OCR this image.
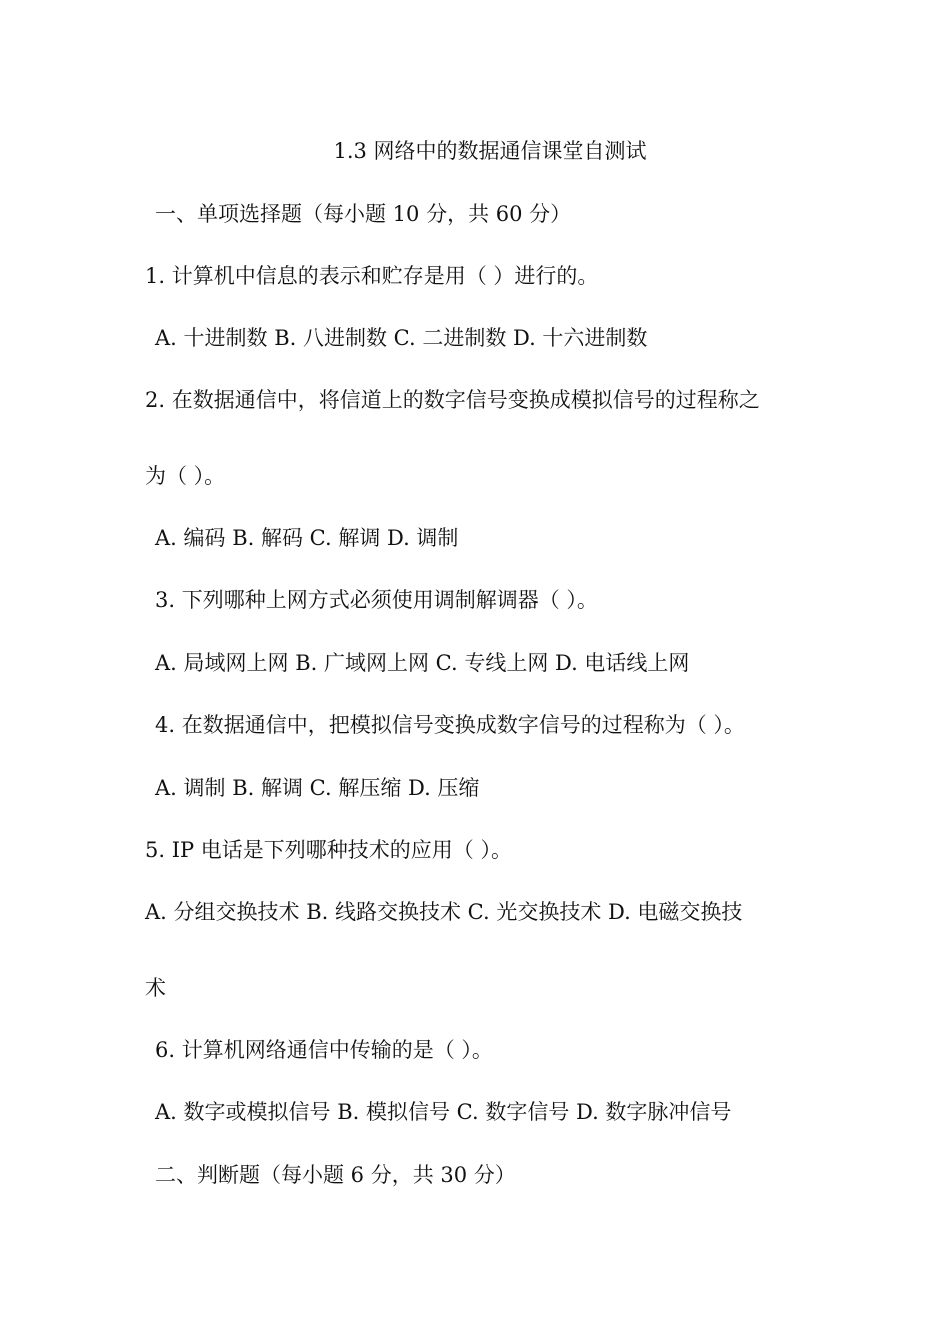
1.3 网络中的数据通信课堂自测试
一、单项选择题（每小题 10 分，共 60 分）
1. 计算机中信息的表示和贮存是用（ ）进行的。
A. 十进制数 B. 八进制数 C. 二进制数 D. 十六进制数
2. 在数据通信中，将信道上的数字信号变换成模拟信号的过程称之
为（ ）。
A. 编码 B. 解码 C. 解调 D. 调制
3. 下列哪种上网方式必须使用调制解调器（ ）。
A. 局域网上网 B. 广域网上网 C. 专线上网 D. 电话线上网
4. 在数据通信中，把模拟信号变换成数字信号的过程称为（ ）。
A. 调制 B. 解调 C. 解压缩 D. 压缩
5. IP 电话是下列哪种技术的应用（ ）。
A. 分组交换技术 B. 线路交换技术 C. 光交换技术 D. 电磁交换技
术
6. 计算机网络通信中传输的是（ ）。
A. 数字或模拟信号 B. 模拟信号 C. 数字信号 D. 数字脉冲信号
二、判断题（每小题 6 分，共 30 分）
